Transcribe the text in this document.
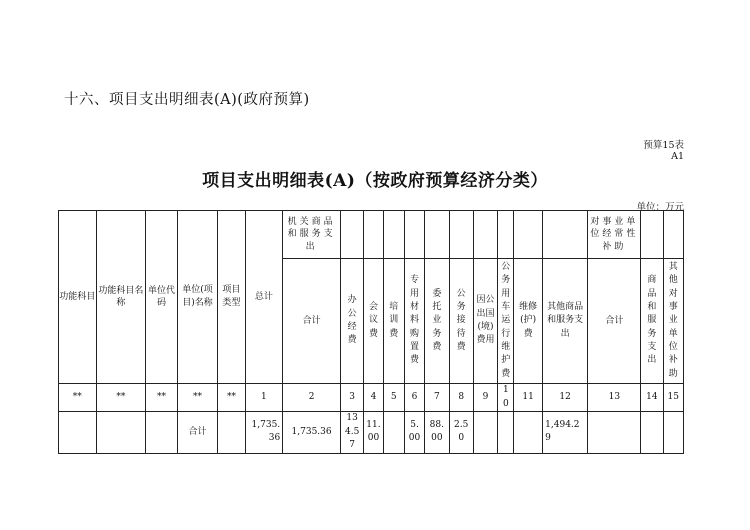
十六、项目支出明细表(A)(政府预算)
预算15表
A1
项目支出明细表(A)（按政府预算经济分类）
单位：万元
功能科目	功能科目名称	单位代码	单位(项目)名称	项目类型	总计	机关商品和服务支出											对事业单位经常性补助		
						合计	办公经费	会议费	培训费	专用材料购置费	委托业务费	公务接待费	因公出国(境)费用	公务用车运行维护费	维修(护)费	其他商品和服务支出	合计	商品和服务支出	其他对事业单位补助
**	**	**	**	**	1	2	3	4	5	6	7	8	9	10	11	12	13	14	15
			合计		1,735.36	1,735.36	134.57	11.00		5.00	88.00	2.50				1,494.29			
